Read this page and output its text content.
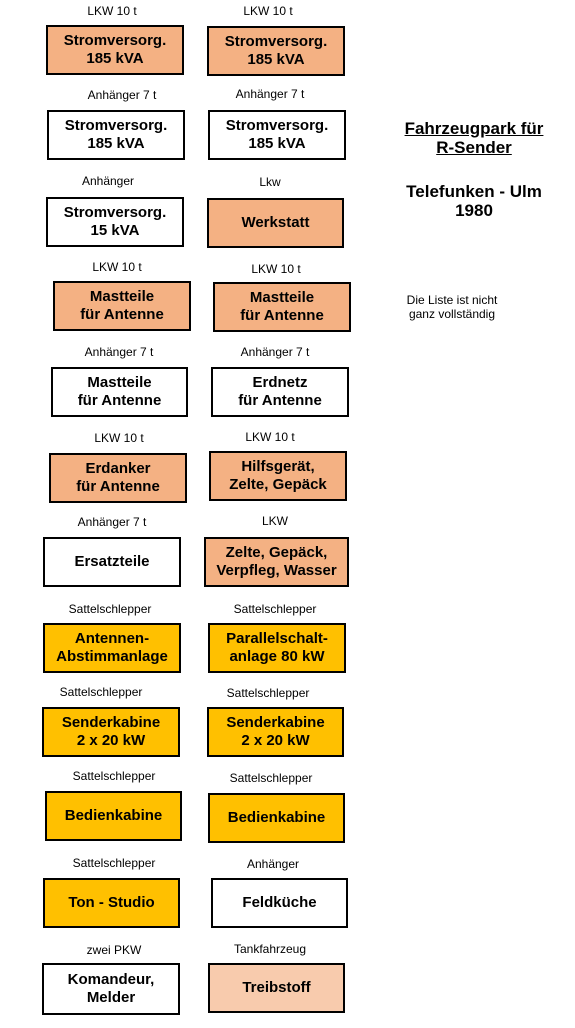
Fahrzeugpark für
R-Sender
Telefunken - Ulm
1980
Die Liste ist nicht
ganz vollständig
LKW 10 t
Stromversorg.
185 kVA
LKW 10 t
Stromversorg.
185 kVA
Anhänger 7 t
Stromversorg.
185 kVA
Anhänger 7 t
Stromversorg.
185 kVA
Anhänger
Stromversorg.
15 kVA
Lkw
Werkstatt
LKW 10 t
Mastteile
für Antenne
LKW 10 t
Mastteile
für Antenne
Anhänger 7 t
Mastteile
für Antenne
Anhänger 7 t
Erdnetz
für Antenne
LKW 10 t
Erdanker
für Antenne
LKW 10 t
Hilfsgerät,
Zelte, Gepäck
Anhänger 7 t
Ersatzteile
LKW
Zelte, Gepäck,
Verpfleg, Wasser
Sattelschlepper
Antennen-
Abstimmanlage
Sattelschlepper
Parallelschalt-
anlage 80 kW
Sattelschlepper
Senderkabine
2 x 20 kW
Sattelschlepper
Senderkabine
2 x 20 kW
Sattelschlepper
Bedienkabine
Sattelschlepper
Bedienkabine
Sattelschlepper
Ton - Studio
Anhänger
Feldküche
zwei PKW
Komandeur,
Melder
Tankfahrzeug
Treibstoff
